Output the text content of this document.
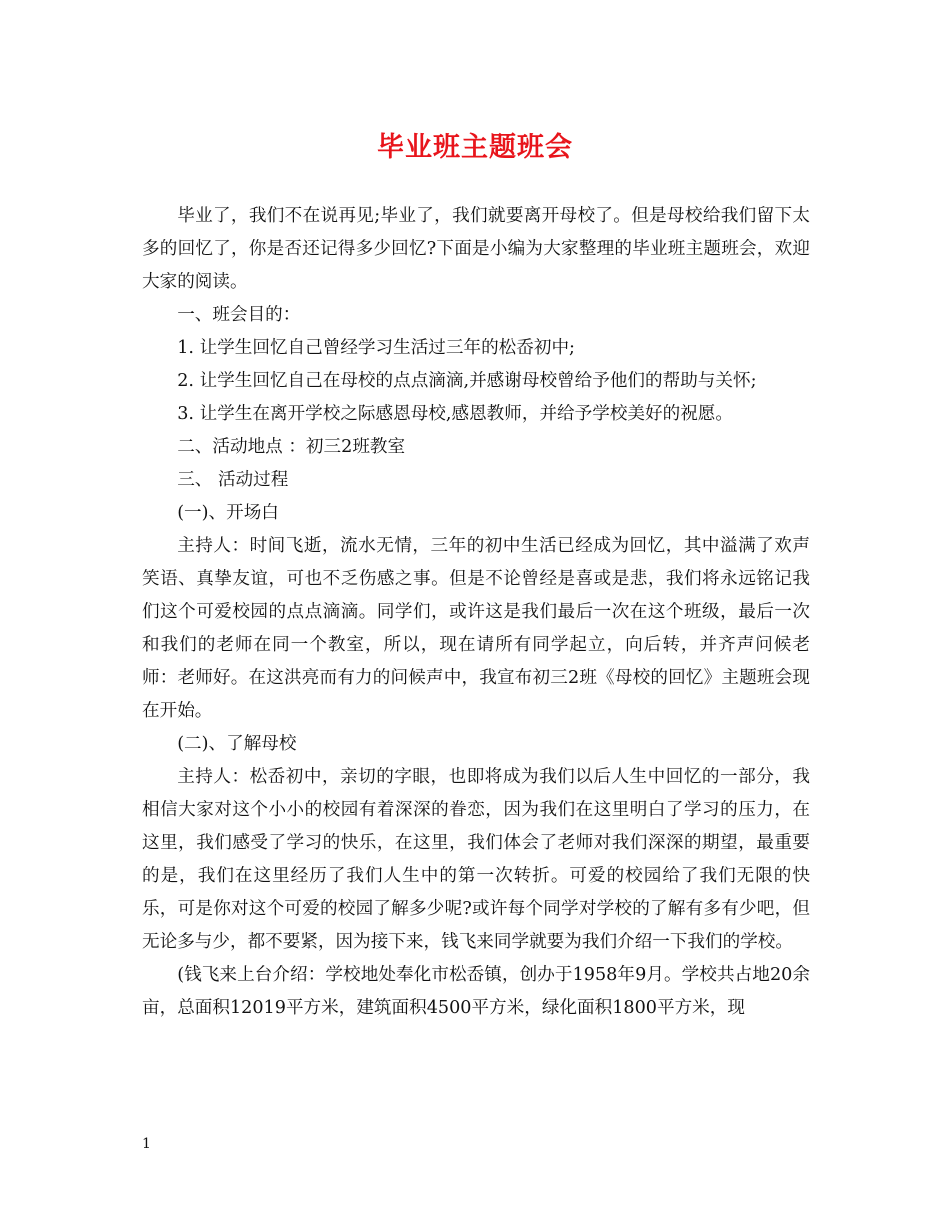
毕业班主题班会

毕业了，我们不在说再见;毕业了，我们就要离开母校了。但是母校给我们留下太多的回忆了，你是否还记得多少回忆?下面是小编为大家整理的毕业班主题班会，欢迎大家的阅读。

一、班会目的：

1. 让学生回忆自己曾经学习生活过三年的松岙初中;

2. 让学生回忆自己在母校的点点滴滴,并感谢母校曾给予他们的帮助与关怀;

3. 让学生在离开学校之际感恩母校,感恩教师，并给予学校美好的祝愿。

二、活动地点 ：初三2班教室

三、 活动过程

(一)、开场白

主持人：时间飞逝，流水无情，三年的初中生活已经成为回忆，其中溢满了欢声笑语、真挚友谊，可也不乏伤感之事。但是不论曾经是喜或是悲，我们将永远铭记我们这个可爱校园的点点滴滴。同学们，或许这是我们最后一次在这个班级，最后一次和我们的老师在同一个教室，所以，现在请所有同学起立，向后转，并齐声问候老师：老师好。在这洪亮而有力的问候声中，我宣布初三2班《母校的回忆》主题班会现在开始。

(二)、了解母校

主持人：松岙初中，亲切的字眼，也即将成为我们以后人生中回忆的一部分，我相信大家对这个小小的校园有着深深的眷恋，因为我们在这里明白了学习的压力，在这里，我们感受了学习的快乐，在这里，我们体会了老师对我们深深的期望，最重要的是，我们在这里经历了我们人生中的第一次转折。可爱的校园给了我们无限的快乐，可是你对这个可爱的校园了解多少呢?或许每个同学对学校的了解有多有少吧，但无论多与少，都不要紧，因为接下来，钱飞来同学就要为我们介绍一下我们的学校。

(钱飞来上台介绍：学校地处奉化市松岙镇，创办于1958年9月。学校共占地20余亩，总面积12019平方米，建筑面积4500平方米，绿化面积1800平方米，现

1
